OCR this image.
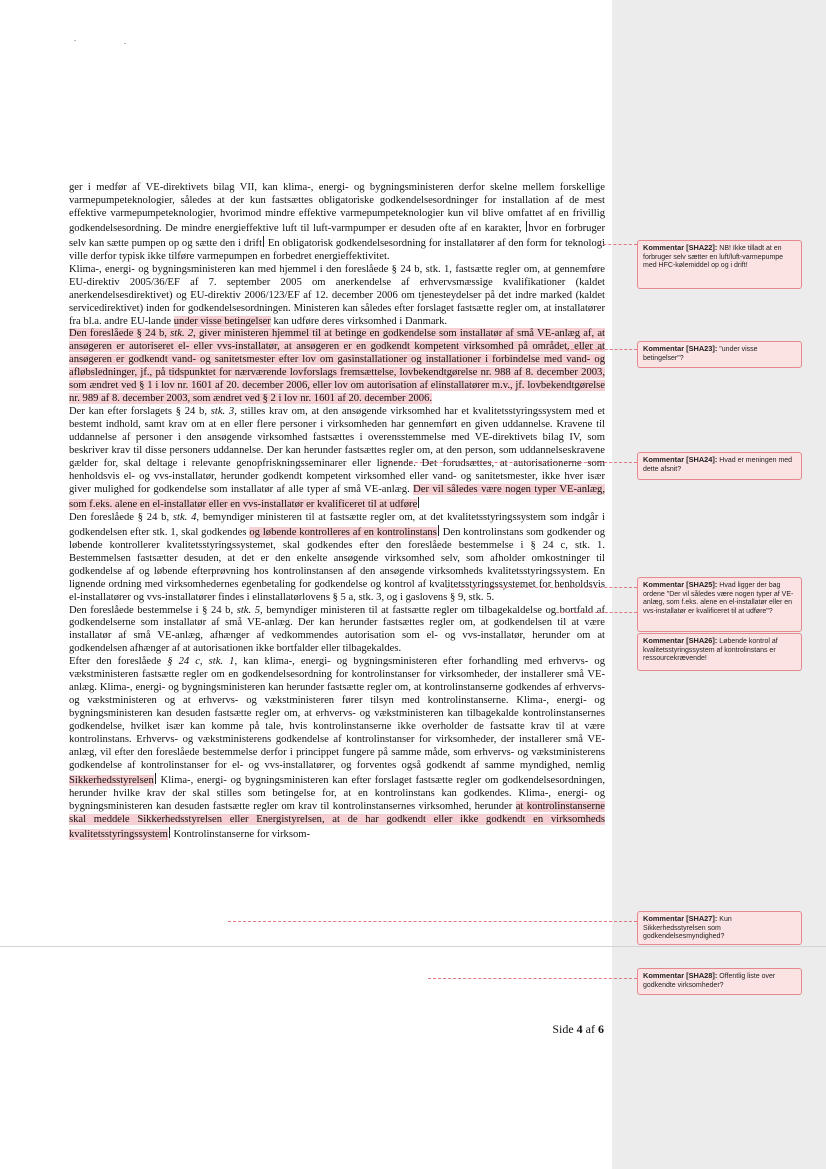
ger i medfør af VE-direktivets bilag VII, kan klima-, energi- og bygningsministeren derfor skelne mellem forskellige varmepumpeteknologier, således at der kun fastsættes obligatoriske godkendelsesordninger for installation af de mest effektive varmepumpeteknologier, hvorimod mindre effektive varmepumpeteknologier kun vil blive omfattet af en frivillig godkendelsesordning. De mindre energieffektive luft til luft-varmpumper er desuden ofte af en karakter, hvor en forbruger selv kan sætte pumpen op og sætte den i drift En obligatorisk godkendelsesordning for installatører af den form for teknologi ville derfor typisk ikke tilføre varmepumpen en forbedret energieffektivitet.

Klima-, energi- og bygningsministeren kan med hjemmel i den foreslåede § 24 b, stk. 1, fastsætte regler om, at gennemføre EU-direktiv 2005/36/EF af 7. september 2005 om anerkendelse af erhvervsmæssige kvalifikationer (kaldet anerkendelsesdirektivet) og EU-direktiv 2006/123/EF af 12. december 2006 om tjenesteydelser på det indre marked (kaldet servicedirektivet) inden for godkendelsesordningen. Ministeren kan således efter forslaget fastsætte regler om, at installatører fra bl.a. andre EU-lande under visse betingelser kan udføre deres virksomhed i Danmark.

Den foreslåede § 24 b, stk. 2, giver ministeren hjemmel til at betinge en godkendelse som installatør af små VE-anlæg af, at ansøgeren er autoriseret el- eller vvs-installatør, at ansøgeren er en godkendt kompetent virksomhed på området, eller at ansøgeren er godkendt vand- og sanitetsmester efter lov om gasinstallationer og installationer i forbindelse med vand- og afløbsledninger, jf., på tidspunktet for nærværende lovforslags fremsættelse, lovbekendtgørelse nr. 988 af 8. december 2003, som ændret ved § 1 i lov nr. 1601 af 20. december 2006, eller lov om autorisation af elinstallatører m.v., jf. lovbekendtgørelse nr. 989 af 8. december 2003, som ændret ved § 2 i lov nr. 1601 af 20. december 2006.

Der kan efter forslagets § 24 b, stk. 3, stilles krav om, at den ansøgende virksomhed har et kvalitetsstyringssystem med et bestemt indhold, samt krav om at en eller flere personer i virksomheden har gennemført en given uddannelse. Kravene til uddannelse af personer i den ansøgende virksomhed fastsættes i overensstemmelse med VE-direktivets bilag IV, som beskriver krav til disse personers uddannelse. Der kan herunder fastsættes regler om, at den person, som uddannelseskravene gælder for, skal deltage i relevante genopfriskningsseminarer eller lignende. Det forudsættes, at autorisationerne som henholdsvis el- og vvs-installatør, herunder godkendt kompetent virksomhed eller vand- og sanitetsmester, ikke hver især giver mulighed for godkendelse som installatør af alle typer af små VE-anlæg. Der vil således være nogen typer VE-anlæg, som f.eks. alene en el-installatør eller en vvs-installatør er kvalificeret til at udføre

Den foreslåede § 24 b, stk. 4, bemyndiger ministeren til at fastsætte regler om, at det kvalitetsstyringssystem som indgår i godkendelsen efter stk. 1, skal godkendes og løbende kontrolleres af en kontrolinstans Den kontrolinstans som godkender og løbende kontrollerer kvalitetsstyringssystemet, skal godkendes efter den foreslåede bestemmelse i § 24 c, stk. 1. Bestemmelsen fastsætter desuden, at det er den enkelte ansøgende virksomhed selv, som afholder omkostninger til godkendelse af og løbende efterprøvning hos kontrolinstansen af den ansøgende virksomheds kvalitetsstyringssystem. En lignende ordning med virksomhedernes egenbetaling for godkendelse og kontrol af kvalitetsstyringssystemet for henholdsvis el-installatører og vvs-installatører findes i elinstallatørlovens § 5 a, stk. 3, og i gaslovens § 9, stk. 5.

Den foreslåede bestemmelse i § 24 b, stk. 5, bemyndiger ministeren til at fastsætte regler om tilbagekaldelse og bortfald af godkendelserne som installatør af små VE-anlæg. Der kan herunder fastsættes regler om, at godkendelsen til at være installatør af små VE-anlæg, afhænger af vedkommendes autorisation som el- og vvs-installatør, herunder om at godkendelsen afhænger af at autorisationen ikke bortfalder eller tilbagekaldes.

Efter den foreslåede § 24 c, stk. 1, kan klima-, energi- og bygningsministeren efter forhandling med erhvervs- og vækstministeren fastsætte regler om en godkendelsesordning for kontrolinstanser for virksomheder, der installerer små VE-anlæg. Klima-, energi- og bygningsministeren kan herunder fastsætte regler om, at kontrolinstanserne godkendes af erhvervs- og vækstministeren og at erhvervs- og vækstministeren fører tilsyn med kontrolinstanserne. Klima-, energi- og bygningsministeren kan desuden fastsætte regler om, at erhvervs- og vækstministeren kan tilbagekalde kontrolinstansernes godkendelse, hvilket især kan komme på tale, hvis kontrolinstanserne ikke overholder de fastsatte krav til at være kontrolinstans. Erhvervs- og vækstministerens godkendelse af kontrolinstanser for virksomheder, der installerer små VE-anlæg, vil efter den foreslåede bestemmelse derfor i princippet fungere på samme måde, som erhvervs- og vækstministerens godkendelse af kontrolinstanser for el- og vvs-installatører, og forventes også godkendt af samme myndighed, nemlig Sikkerhedsstyrelsen Klima-, energi- og bygningsministeren kan efter forslaget fastsætte regler om godkendelsesordningen, herunder hvilke krav der skal stilles som betingelse for, at en kontrolinstans kan godkendes. Klima-, energi- og bygningsministeren kan desuden fastsætte regler om krav til kontrolinstansernes virksomhed, herunder at kontrolinstanserne skal meddele Sikkerhedsstyrelsen eller Energistyrelsen, at de har godkendt eller ikke godkendt en virksomheds kvalitetsstyringssystem Kontrolinstanserne for virksom-

Kommentar [SHA22]: NB! Ikke tilladt at en forbruger selv sætter en luft/luft-varmepumpe med HFC-kølemiddel op og i drift!
Kommentar [SHA23]: "under visse betingelser"?
Kommentar [SHA24]: Hvad er meningen med dette afsnit?
Kommentar [SHA25]: Hvad ligger der bag ordene "Der vil således være nogen typer af VE-anlæg, som f.eks. alene en el-installatør eller en vvs-installatør er kvalificeret til at udføre"?
Kommentar [SHA26]: Løbende kontrol af kvalitetsstyringssystem af kontrolinstans er ressourcekrævende!
Kommentar [SHA27]: Kun Sikkerhedsstyrelsen som godkendelsesmyndighed?
Kommentar [SHA28]: Offentlig liste over godkendte virksomheder?
Side 4 af 6
